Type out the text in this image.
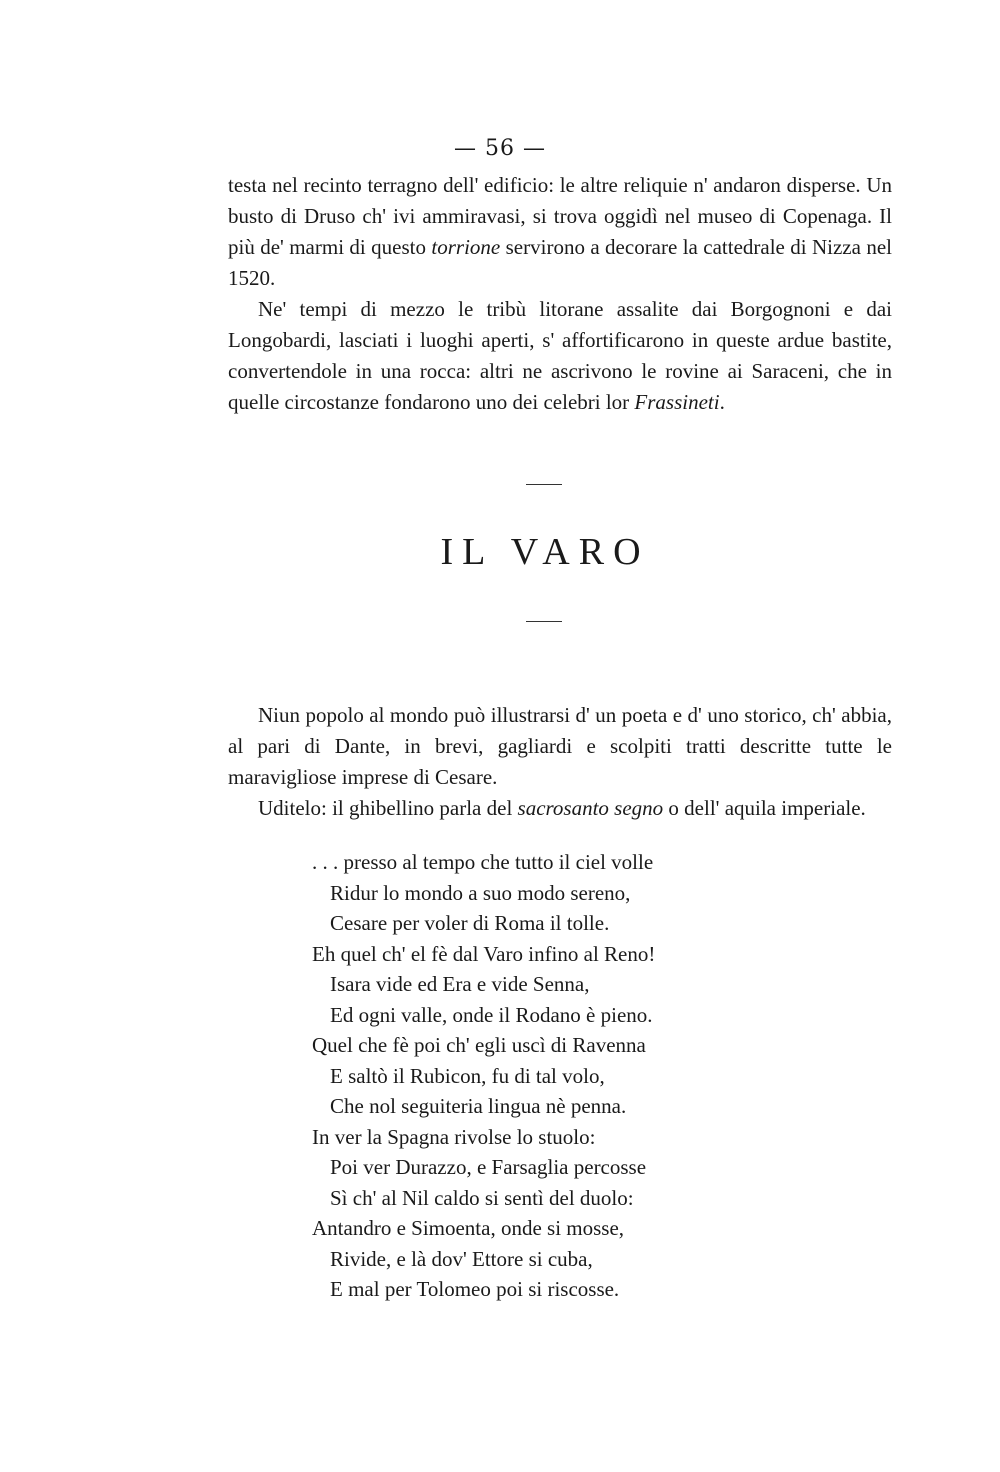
— 56 —

testa nel recinto terragno dell' edificio: le altre reliquie n' andaron disperse. Un busto di Druso ch' ivi ammiravasi, si trova oggidì nel museo di Copenaga. Il più de' marmi di questo torrione servirono a decorare la cattedrale di Nizza nel 1520.

Ne' tempi di mezzo le tribù litorane assalite dai Borgognoni e dai Longobardi, lasciati i luoghi aperti, s' affortificarono in queste ardue bastite, convertendole in una rocca: altri ne ascrivono le rovine ai Saraceni, che in quelle circostanze fondarono uno dei celebri lor Frassineti.

IL VARO

Niun popolo al mondo può illustrarsi d' un poeta e d' uno storico, ch' abbia, al pari di Dante, in brevi, gagliardi e scolpiti tratti descritte tutte le maravigliose imprese di Cesare.

Uditelo: il ghibellino parla del sacrosanto segno o dell' aquila imperiale.

. . . presso al tempo che tutto il ciel volle
Ridur lo mondo a suo modo sereno,
Cesare per voler di Roma il tolle.
Eh quel ch' el fè dal Varo infino al Reno!
Isara vide ed Era e vide Senna,
Ed ogni valle, onde il Rodano è pieno.
Quel che fè poi ch' egli uscì di Ravenna
E saltò il Rubicon, fu di tal volo,
Che nol seguiteria lingua nè penna.
In ver la Spagna rivolse lo stuolo:
Poi ver Durazzo, e Farsaglia percosse
Sì ch' al Nil caldo si sentì del duolo:
Antandro e Simoenta, onde si mosse,
Rivide, e là dov' Ettore si cuba,
E mal per Tolomeo poi si riscosse.
